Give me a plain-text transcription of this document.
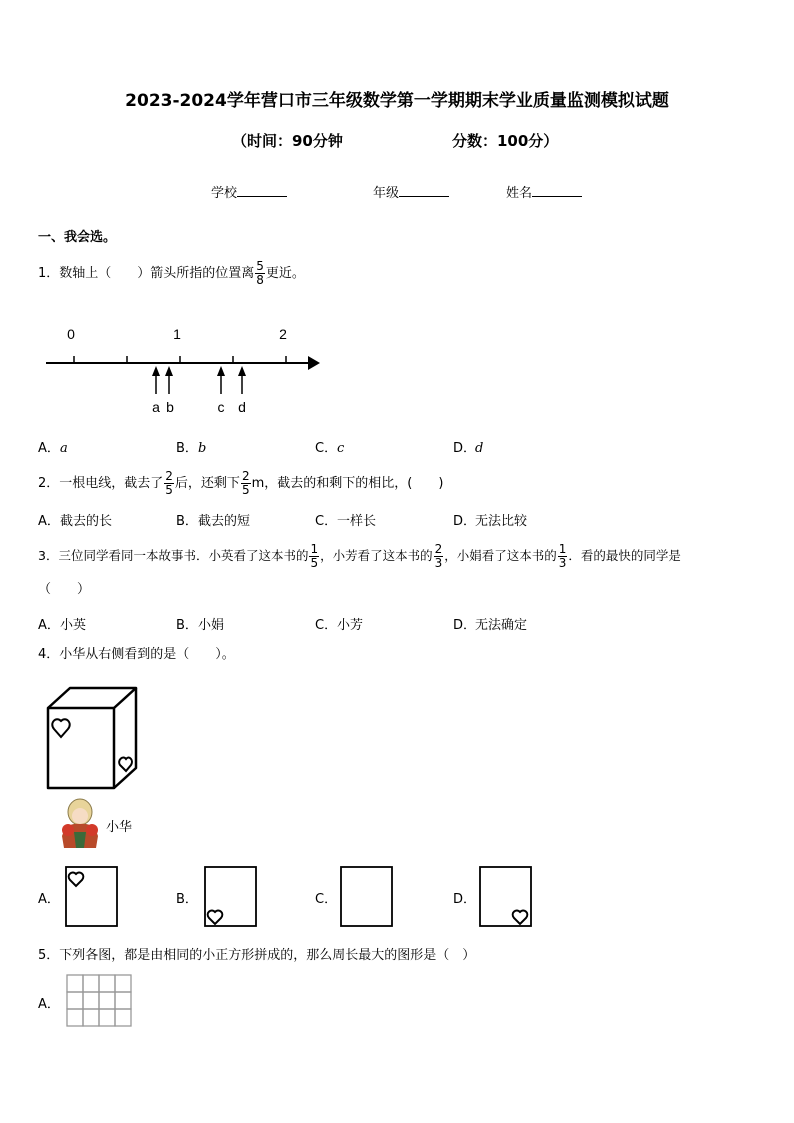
2023-2024学年营口市三年级数学第一学期期末学业质量监测模拟试题
（时间：90分钟	分数：100分）
学校	年级	姓名
一、我会选。
1．数轴上（　　）箭头所指的位置离 $\frac{5}{8}$ 更近。
0	1	2
a b	c d
A．a	B．b	C．c	D．d
2．一根电线，截去了 $\frac{2}{5}$ 后，还剩下 $\frac{2}{5}$ m，截去的和剩下的相比，(　　)
A．截去的长	B．截去的短	C．一样长	D．无法比较
3．三位同学看同一本故事书．小英看了这本书的 $\frac{1}{5}$ ，小芳看了这本书的 $\frac{2}{3}$ ，小娟看了这本书的 $\frac{1}{3}$ ．看的最快的同学是
（　　）
A．小英	B．小娟	C．小芳	D．无法确定
4．小华从右侧看到的是（　　）。
小华
A．	B．	C．	D．
5．下列各图，都是由相同的小正方形拼成的，那么周长最大的图形是（　）
A．
